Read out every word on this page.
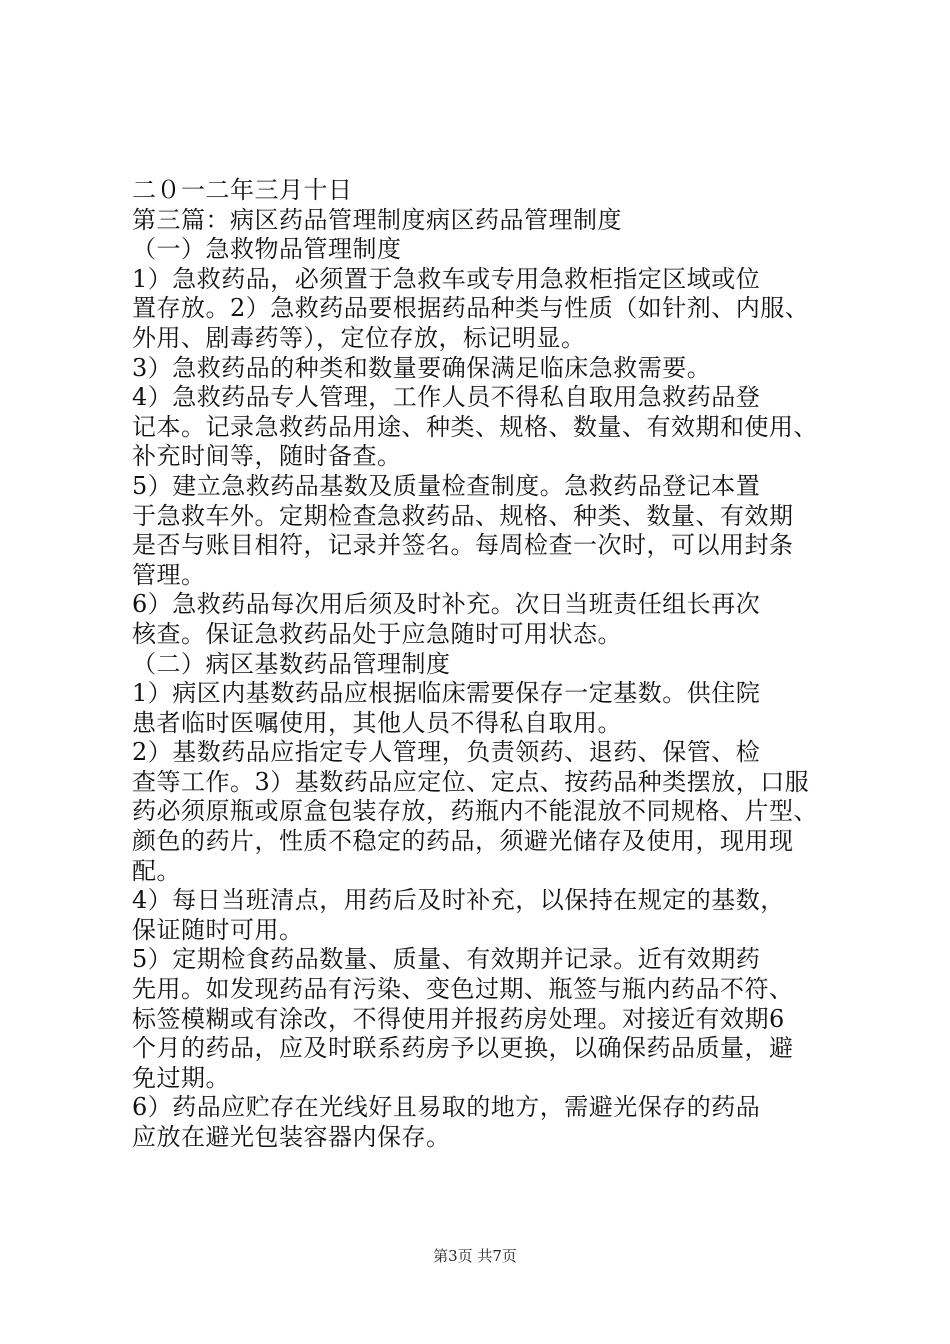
二０一二年三月十日
第三篇：病区药品管理制度病区药品管理制度
（一）急救物品管理制度
1）急救药品，必须置于急救车或专用急救柜指定区域或位
置存放。2）急救药品要根据药品种类与性质（如针剂、内服、
外用、剧毒药等），定位存放，标记明显。
3）急救药品的种类和数量要确保满足临床急救需要。
4）急救药品专人管理，工作人员不得私自取用急救药品登
记本。记录急救药品用途、种类、规格、数量、有效期和使用、
补充时间等，随时备查。
5）建立急救药品基数及质量检查制度。急救药品登记本置
于急救车外。定期检查急救药品、规格、种类、数量、有效期
是否与账目相符，记录并签名。每周检查一次时，可以用封条
管理。
6）急救药品每次用后须及时补充。次日当班责任组长再次
核查。保证急救药品处于应急随时可用状态。
（二）病区基数药品管理制度
1）病区内基数药品应根据临床需要保存一定基数。供住院
患者临时医嘱使用，其他人员不得私自取用。
2）基数药品应指定专人管理，负责领药、退药、保管、检
查等工作。3）基数药品应定位、定点、按药品种类摆放，口服
药必须原瓶或原盒包装存放，药瓶内不能混放不同规格、片型、
颜色的药片，性质不稳定的药品，须避光储存及使用，现用现
配。
4）每日当班清点，用药后及时补充，以保持在规定的基数，
保证随时可用。
5）定期检食药品数量、质量、有效期并记录。近有效期药
先用。如发现药品有污染、变色过期、瓶签与瓶内药品不符、
标签模糊或有涂改，不得使用并报药房处理。对接近有效期6
个月的药品，应及时联系药房予以更换，以确保药品质量，避
免过期。
6）药品应贮存在光线好且易取的地方，需避光保存的药品
应放在避光包装容器内保存。
第3页 共7页
